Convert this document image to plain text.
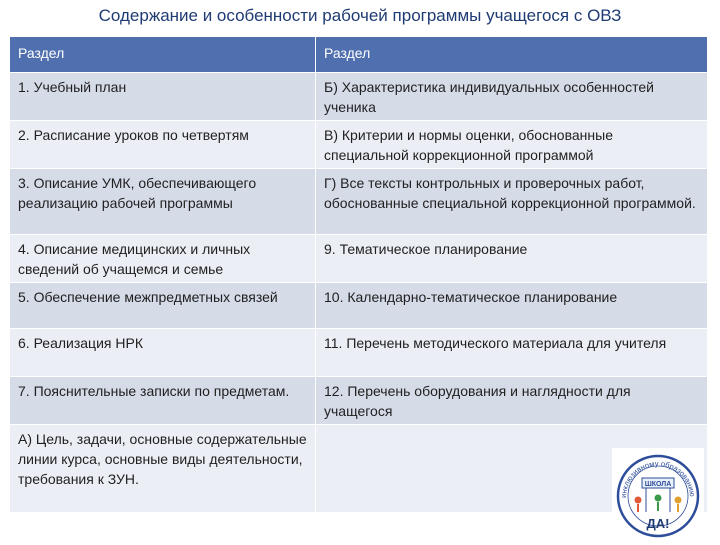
Содержание и особенности рабочей программы учащегося с ОВЗ
Раздел	Раздел
1. Учебный план	Б) Характеристика индивидуальных особенностей ученика
2. Расписание уроков по четвертям	В) Критерии и нормы оценки, обоснованные специальной коррекционной программой
3. Описание УМК, обеспечивающего реализацию рабочей программы	Г) Все тексты контрольных и проверочных работ, обоснованные специальной коррекционной программой.
4. Описание медицинских и личных сведений об учащемся и семье	9. Тематическое планирование
5. Обеспечение межпредметных связей	10. Календарно-тематическое планирование
6. Реализация НРК	11. Перечень методического материала для учителя
7. Пояснительные записки по предметам.	12. Перечень оборудования и наглядности для учащегося
А) Цель, задачи, основные содержательные линии курса, основные виды деятельности, требования к ЗУН.	
инклюзивному образованию
ШКОЛА
ДА!
